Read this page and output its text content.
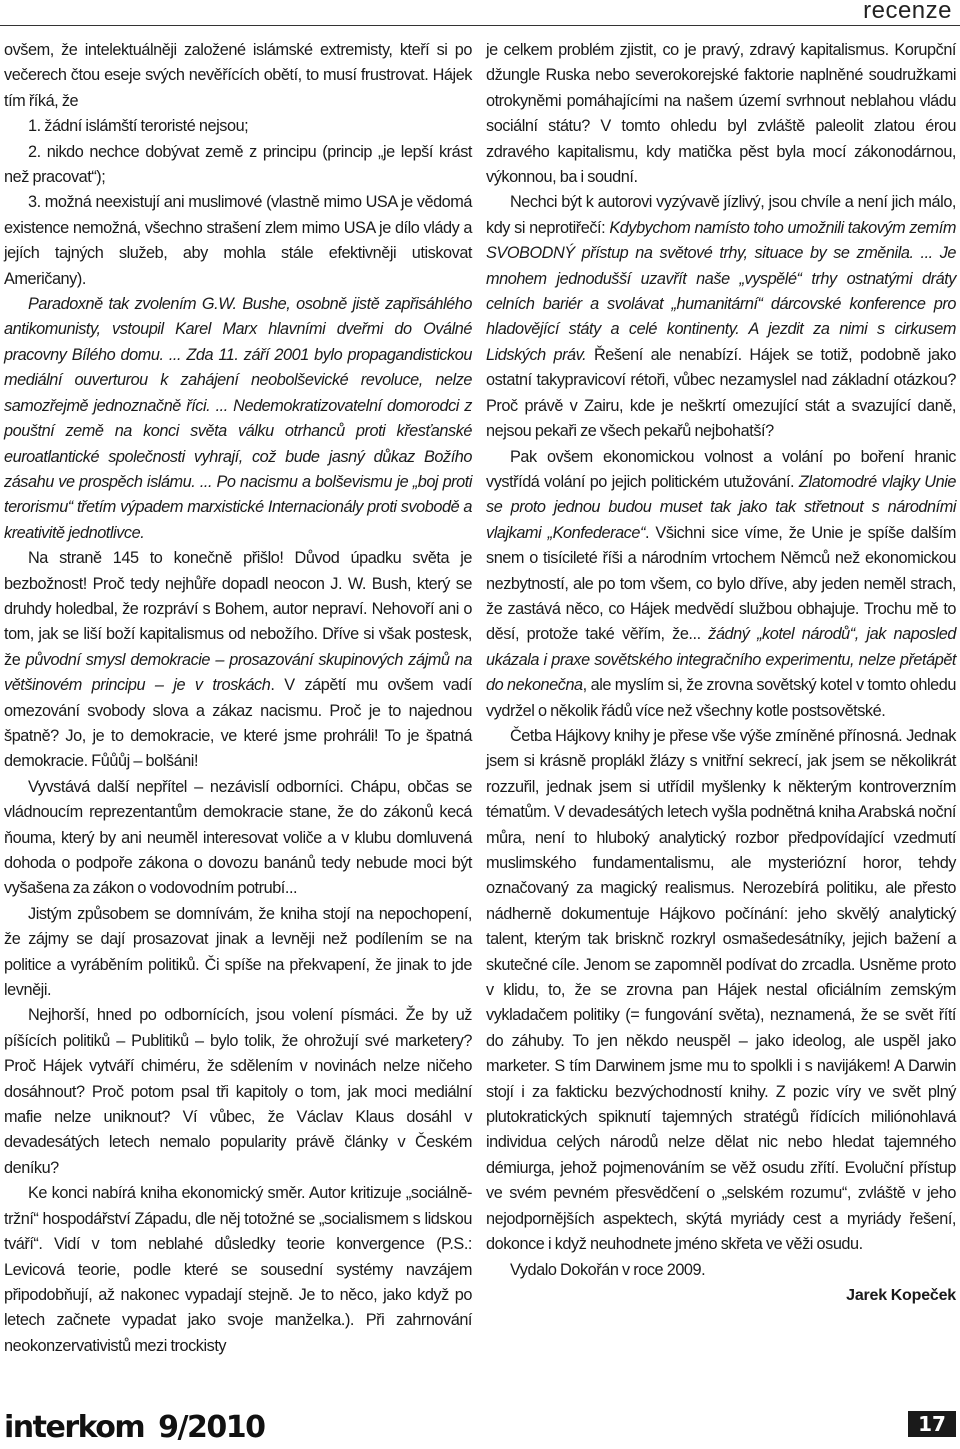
recenze

ovšem, že intelektuálněji založené islámské extremisty, kteří si po večerech čtou eseje svých nevěřících obětí, to musí frustrovat. Hájek tím říká, že

1. žádní islámští teroristé nejsou;

2. nikdo nechce dobývat země z principu (princip „je lepší krást než pracovat“);

3. možná neexistují ani muslimové (vlastně mimo USA je vědomá existence nemožná, všechno strašení zlem mimo USA je dílo vlády a jejích tajných služeb, aby mohla stále efektivněji utiskovat Američany).

Paradoxně tak zvolením G.W. Bushe, osobně jistě zapřisáhlého antikomunisty, vstoupil Karel Marx hlavními dveřmi do Oválné pracovny Bílého domu. ... Zda 11. září 2001 bylo propagandistickou mediální ouverturou k zahájení neobolševické revoluce, nelze samozřejmě jednoznačně říci. ... Nedemokratizovatelní domorodci z pouštní země na konci světa válku otrhanců proti křesťanské euroatlantické společnosti vyhrají, což bude jasný důkaz Božího zásahu ve prospěch islámu. ... Po nacismu a bolševismu je „boj proti terorismu“ třetím výpadem marxistické Internacionály proti svobodě a kreativitě jednotlivce.

Na straně 145 to konečně přišlo! Důvod úpadku světa je bezbožnost! Proč tedy nejhůře dopadl neocon J. W. Bush, který se druhdy holedbal, že rozpráví s Bohem, autor nepraví. Nehovoří ani o tom, jak se liší boží kapitalismus od nebožího. Dříve si však postesk, že původní smysl demokracie – prosazování skupinových zájmů na většinovém principu – je v troskách. V zápětí mu ovšem vadí omezování svobody slova a zákaz nacismu. Proč je to najednou špatně? Jo, je to demokracie, ve které jsme prohráli! To je špatná demokracie. Fůůůj – bolšáni!

Vyvstává další nepřítel – nezávislí odborníci. Chápu, občas se vládnoucím reprezentantům demokracie stane, že do zákonů kecá ňouma, který by ani neuměl interesovat voliče a v klubu domluvená dohoda o podpoře zákona o dovozu banánů tedy nebude moci být vyšašena za zákon o vodovodním potrubí...

Jistým způsobem se domnívám, že kniha stojí na nepochopení, že zájmy se dají prosazovat jinak a levněji než podílením se na politice a vyráběním politiků. Či spíše na překvapení, že jinak to jde levněji.

Nejhorší, hned po odbornících, jsou volení písmáci. Že by už píšících politiků – Publitiků – bylo tolik, že ohrožují své marketery? Proč Hájek vytváří chiméru, že sdělením v novinách nelze ničeho dosáhnout? Proč potom psal tři kapitoly o tom, jak moci mediální mafie nelze uniknout? Ví vůbec, že Václav Klaus dosáhl v devadesátých letech nemalo popularity právě články v Českém deníku?

Ke konci nabírá kniha ekonomický směr. Autor kritizuje „sociálně-tržní“ hospodářství Západu, dle něj totožné se „socialismem s lidskou tváří“. Vidí v tom neblahé důsledky teorie konvergence (P.S.: Levicová teorie, podle které se sousední systémy navzájem připodobňují, až nakonec vypadají stejně. Je to něco, jako když po letech začnete vypadat jako svoje manželka.). Při zahrnování neokonzervativistů mezi trockisty

je celkem problém zjistit, co je pravý, zdravý kapitalismus. Korupční džungle Ruska nebo severokorejské faktorie naplněné soudružkami otrokyněmi pomáhajícími na našem území svrhnout neblahou vládu sociální státu? V tomto ohledu byl zvláště paleolit zlatou érou zdravého kapitalismu, kdy matička pěst byla mocí zákonodárnou, výkonnou, ba i soudní.

Nechci být k autorovi vyzývavě jízlivý, jsou chvíle a není jich málo, kdy si neprotiřečí: Kdybychom namísto toho umožnili takovým zemím SVOBODNÝ přístup na světové trhy, situace by se změnila. ... Je mnohem jednodušší uzavřít naše „vyspělé“ trhy ostnatými dráty celních bariér a svolávat „humanitární“ dárcovské konference pro hladovějící státy a celé kontinenty. A jezdit za nimi s cirkusem Lidských práv. Řešení ale nenabízí. Hájek se totiž, podobně jako ostatní takypravicoví rétoři, vůbec nezamyslel nad základní otázkou? Proč právě v Zairu, kde je neškrtí omezující stát a svazující daně, nejsou pekaři ze všech pekařů nejbohatší?

Pak ovšem ekonomickou volnost a volání po boření hranic vystřídá volání po jejich politickém utužování. Zlatomodré vlajky Unie se proto jednou budou muset tak jako tak střetnout s národními vlajkami „Konfederace“. Všichni sice víme, že Unie je spíše dalším snem o tisícileté říši a národním vrtochem Němců než ekonomickou nezbytností, ale po tom všem, co bylo dříve, aby jeden neměl strach, že zastává něco, co Hájek medvědí službou obhajuje. Trochu mě to děsí, protože také věřím, že... žádný „kotel národů“, jak naposled ukázala i praxe sovětského integračního experimentu, nelze přetápět do nekonečna, ale myslím si, že zrovna sovětský kotel v tomto ohledu vydržel o několik řádů více než všechny kotle postsovětské.

Četba Hájkovy knihy je přese vše výše zmíněné přínosná. Jednak jsem si krásně proplákl žlázy s vnitřní sekrecí, jak jsem se několikrát rozzuřil, jednak jsem si utřídil myšlenky k některým kontroverzním tématům. V devadesátých letech vyšla podnětná kniha Arabská noční můra, není to hluboký analytický rozbor předpovídající vzedmutí muslimského fundamentalismu, ale mysteriózní horor, tehdy označovaný za magický realismus. Nerozebírá politiku, ale přesto nádherně dokumentuje Hájkovo počínání: jeho skvělý analytický talent, kterým tak brisknč rozkryl osmašedesátníky, jejich bažení a skutečné cíle. Jenom se zapomněl podívat do zrcadla. Usněme proto v klidu, to, že se zrovna pan Hájek nestal oficiálním zemským vykladačem politiky (= fungování světa), neznamená, že se svět řítí do záhuby. To jen někdo neuspěl – jako ideolog, ale uspěl jako marketer. S tím Darwinem jsme mu to spolkli i s navijákem! A Darwin stojí i za fakticku bezvýchodností knihy. Z pozic víry ve svět plný plutokratických spiknutí tajemných stratégů řídících miliónohlavá individua celých národů nelze dělat nic nebo hledat tajemného démiurga, jehož pojmenováním se věž osudu zřítí. Evoluční přístup ve svém pevném přesvědčení o „selském rozumu“, zvláště v jeho nejodpornějších aspektech, skýtá myriády cest a myriády řešení, dokonce i když neuhodnete jméno skřeta ve věži osudu.

Vydalo Dokořán v roce 2009.

Jarek Kopeček

interkom 9/2010	17
